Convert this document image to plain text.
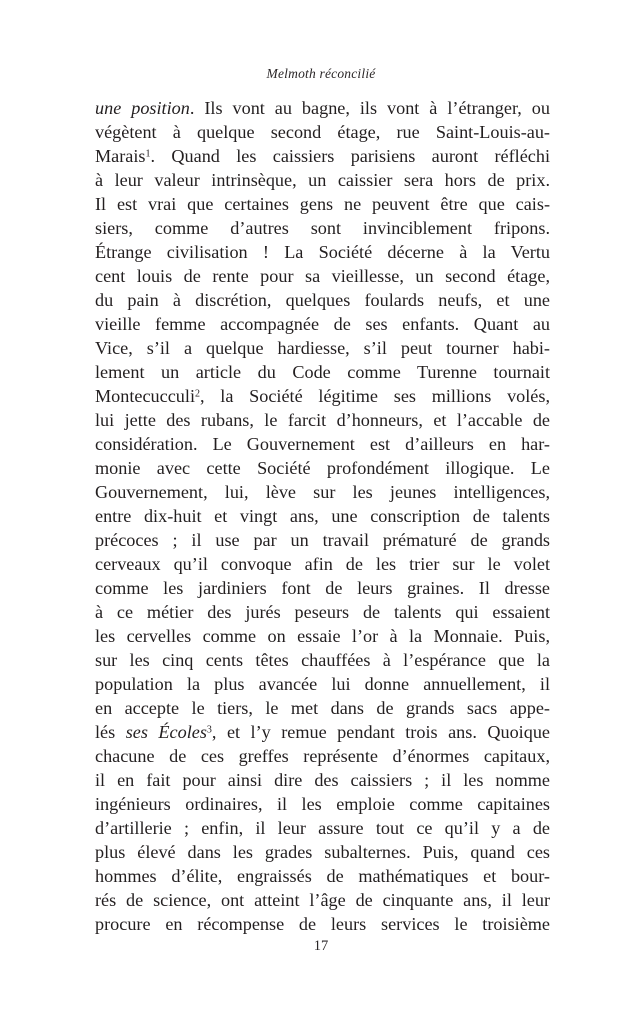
Melmoth réconcilié
une position. Ils vont au bagne, ils vont à l’étranger, ou
végètent à quelque second étage, rue Saint-Louis-au-
Marais$^1$. Quand les caissiers parisiens auront réfléchi
à leur valeur intrinsèque, un caissier sera hors de prix.
Il est vrai que certaines gens ne peuvent être que cais-
siers, comme d’autres sont invinciblement fripons.
Étrange civilisation ! La Société décerne à la Vertu
cent louis de rente pour sa vieillesse, un second étage,
du pain à discrétion, quelques foulards neufs, et une
vieille femme accompagnée de ses enfants. Quant au
Vice, s’il a quelque hardiesse, s’il peut tourner habi-
lement un article du Code comme Turenne tournait
Montecucculi$^2$, la Société légitime ses millions volés,
lui jette des rubans, le farcit d’honneurs, et l’accable de
considération. Le Gouvernement est d’ailleurs en har-
monie avec cette Société profondément illogique. Le
Gouvernement, lui, lève sur les jeunes intelligences,
entre dix-huit et vingt ans, une conscription de talents
précoces ; il use par un travail prématuré de grands
cerveaux qu’il convoque afin de les trier sur le volet
comme les jardiniers font de leurs graines. Il dresse
à ce métier des jurés peseurs de talents qui essaient
les cervelles comme on essaie l’or à la Monnaie. Puis,
sur les cinq cents têtes chauffées à l’espérance que la
population la plus avancée lui donne annuellement, il
en accepte le tiers, le met dans de grands sacs appe-
lés ses Écoles$^3$, et l’y remue pendant trois ans. Quoique
chacune de ces greffes représente d’énormes capitaux,
il en fait pour ainsi dire des caissiers ; il les nomme
ingénieurs ordinaires, il les emploie comme capitaines
d’artillerie ; enfin, il leur assure tout ce qu’il y a de
plus élevé dans les grades subalternes. Puis, quand ces
hommes d’élite, engraissés de mathématiques et bour-
rés de science, ont atteint l’âge de cinquante ans, il leur
procure en récompense de leurs services le troisième
17
